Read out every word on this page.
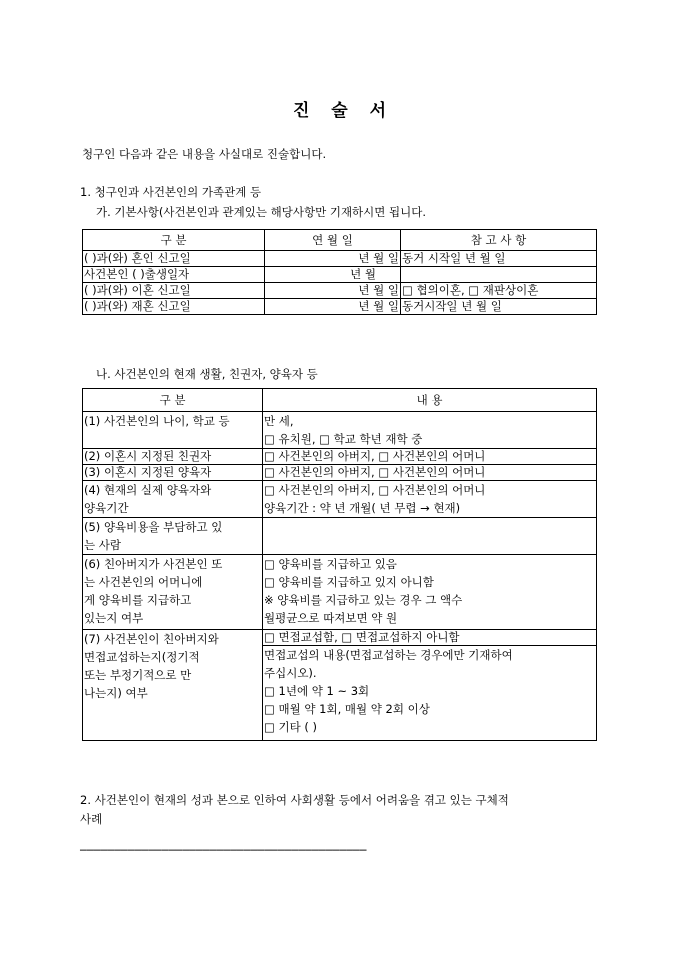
진 술 서
청구인 다음과 같은 내용을 사실대로 진술합니다.
1. 청구인과 사건본인의 가족관계 등
가. 기본사항(사건본인과 관계있는 해당사항만 기재하시면 됩니다.
구 분	연 월 일	참 고 사 항
( )과(와) 혼인 신고일	년 월 일	동거 시작일 년 월 일
사건본인 ( )출생일자	년 월	
( )과(와) 이혼 신고일	년 월 일	□ 협의이혼, □ 재판상이혼
( )과(와) 재혼 신고일	년 월 일	동거시작일 년 월 일
나. 사건본인의 현재 생활, 친권자, 양육자 등
구 분	내 용

(1) 사건본인의 나이, 학교 등	만 세,
□ 유치원, □ 학교 학년 재학 중

(2) 이혼시 지정된 친권자	□ 사건본인의 아버지, □ 사건본인의 어머니
(3) 이혼시 지정된 양육자	□ 사건본인의 아버지, □ 사건본인의 어머니

(4) 현재의 실제 양육자와
양육기간	□ 사건본인의 아버지, □ 사건본인의 어머니
양육기간 : 약 년 개월( 년 무렵 → 현재)

(5) 양육비용을 부담하고 있
는 사람	

(6) 친아버지가 사건본인 또
는 사건본인의 어머니에
게 양육비를 지급하고
있는지 여부	□ 양육비를 지급하고 있음
□ 양육비를 지급하고 있지 아니함
※ 양육비를 지급하고 있는 경우 그 액수
월평균으로 따져보면 약 원

(7) 사건본인이 친아버지와
면접교섭하는지(정기적
또는 부정기적으로 만
나는지) 여부	□ 면접교섭함, □ 면접교섭하지 아니함

	면접교섭의 내용(면접교섭하는 경우에만 기재하여
주십시오).
□ 1년에 약 1 ~ 3회
□ 매월 약 1회, 매월 약 2회 이상
□ 기타 ( )
2. 사건본인이 현재의 성과 본으로 인하여 사회생활 등에서 어려움을 겪고 있는 구체적
사례
──────────────────────────────────────────
